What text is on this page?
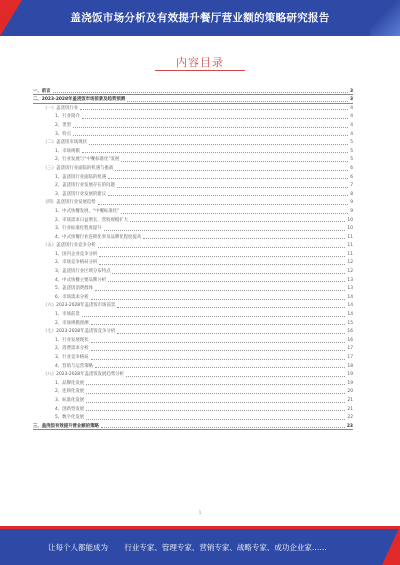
盖浇饭市场分析及有效提升餐厅营业额的策略研究报告
内容目录
一、前言	3
二、2023-2028年盖浇饭市场前景及趋势预测	3
（一）盖浇饭行业	4
1、行业简介	4
2、类型	4
3、特点	4
（二）盖浇饭市场现状	5
1、市场规模	5
2、行业发展与“中餐标准化”发展	5
（三）盖浇饭行业面临的机遇与挑战	6
1、盖浇饭行业面临的机遇	6
2、盖浇饭行业发展存在的问题	7
3、盖浇饭行业发展的建议	8
（四）盖浇饭行业发展趋势	9
1、中式快餐发展，“中餐标准化”	9
2、市场需求日益增长，营收规模扩大	10
3、行业标准化程度提升	10
4、中式快餐行业连锁化率及品牌化程度提高	11
（五）盖浇饭行业竞争分析	11
1、国内企业竞争分析	11
2、市场竞争格局分析	12
3、盖浇饭行业区域分布特点	12
4、中式快餐主要品牌分析	13
5、盖浇饭消费群体	13
6、市场需求分析	14
（六）2023-2028年盖浇饭市场前景	14
1、市场前景	14
2、市场规模预测	15
（七）2023-2028年盖浇饭竞争分析	16
1、行业发展现状	16
2、消费需求分析	17
3、行业竞争格局	17
4、营销与运营策略	18
（八）2023-2028年盖浇饭发展趋势分析	19
1、品牌化发展	19
2、连锁化发展	20
3、标准化发展	21
4、创新型发展	21
5、数字化发展	22
三、盖浇饭有效提升营业额的策略	23
1
让每个人都能成为 行业专家、管理专家、营销专家、战略专家、成功企业家……
